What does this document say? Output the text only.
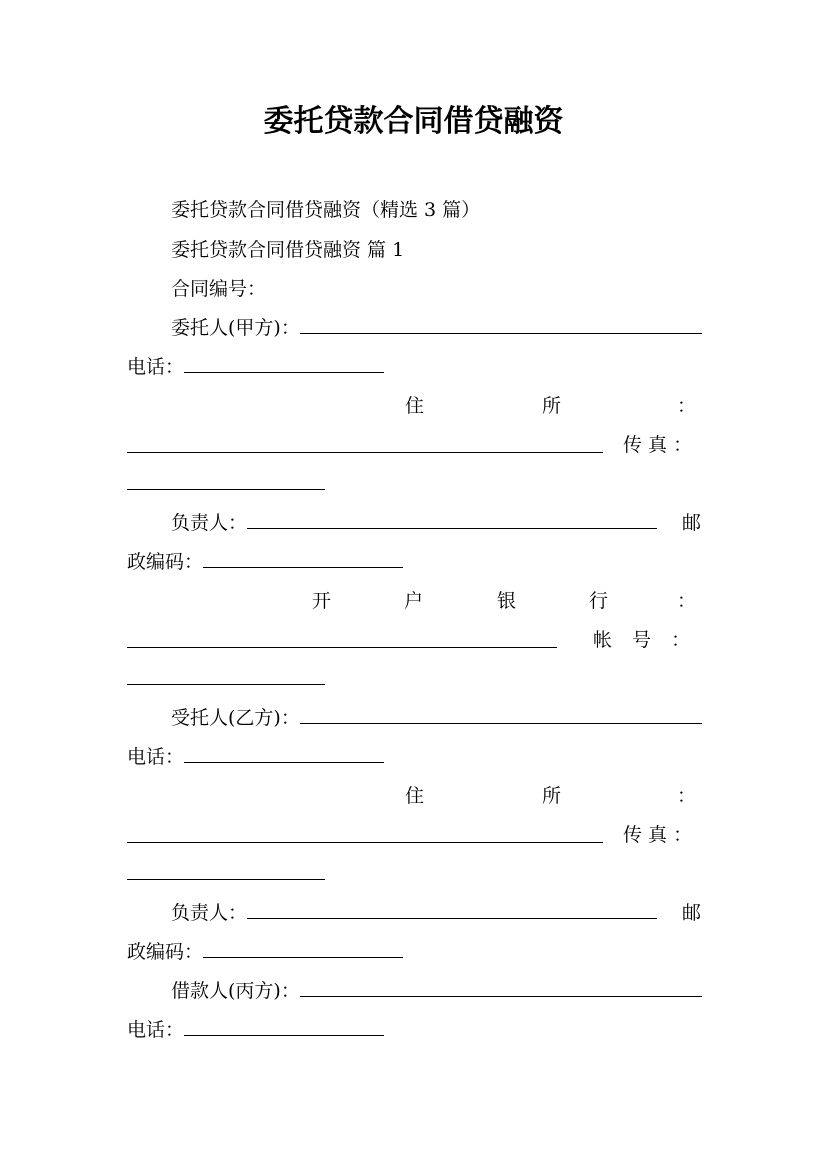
委托贷款合同借贷融资
委托贷款合同借贷融资（精选 3 篇）
委托贷款合同借贷融资 篇 1
合同编号：
委托人(甲方)：
电话：
住	所	：
传 真 ：
负责人：	邮
政编码：
开	户	银	行	：
帐 号 ：
受托人(乙方)：
电话：
住	所	：
传 真 ：
负责人：	邮
政编码：
借款人(丙方)：
电话：
